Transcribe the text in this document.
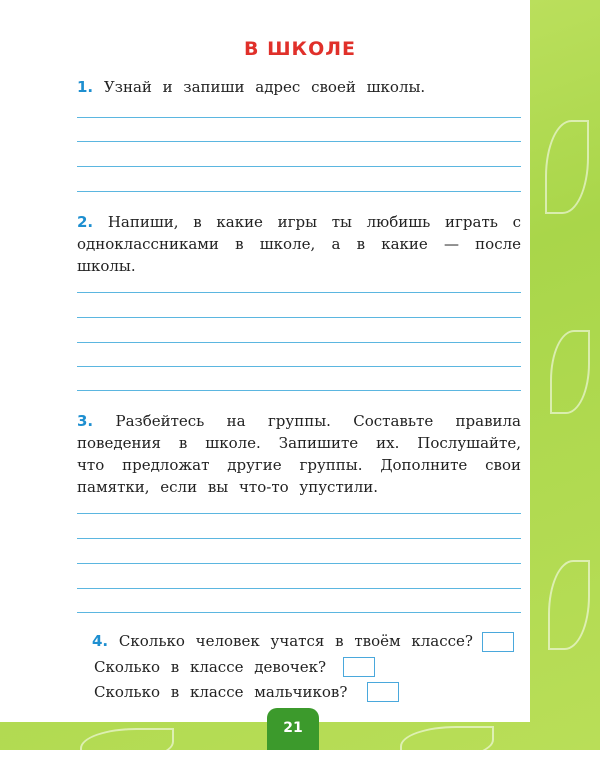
В ШКОЛЕ
1. Узнай и запиши адрес своей школы.
2. Напиши, в какие игры ты любишь играть с одноклассниками в школе, а в какие — после школы.
3. Разбейтесь на группы. Составьте правила поведения в школе. Запишите их. Послушайте, что предложат другие группы. Дополните свои памятки, если вы что-то упустили.
4. Сколько человек учатся в твоём классе?
Сколько в классе девочек?
Сколько в классе мальчиков?
21
